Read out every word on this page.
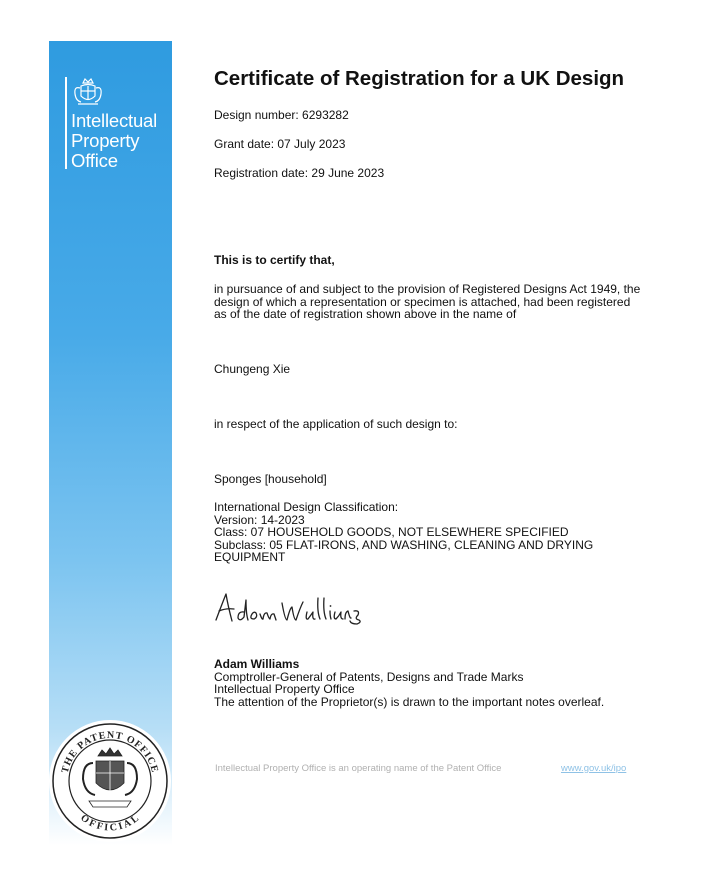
Intellectual
Property
Office
THE PATENT OFFICE
OFFICIAL
Certificate of Registration for a UK Design
Design number: 6293282
Grant date: 07 July 2023
Registration date: 29 June 2023
This is to certify that,
in pursuance of and subject to the provision of Registered Designs Act 1949, the
design of which a representation or specimen is attached, had been registered
as of the date of registration shown above in the name of
Chungeng Xie
in respect of the application of such design to:
Sponges [household]
International Design Classification:
Version: 14-2023
Class: 07 HOUSEHOLD GOODS, NOT ELSEWHERE SPECIFIED
Subclass: 05 FLAT-IRONS, AND WASHING, CLEANING AND DRYING
EQUIPMENT
Adam Williams
Comptroller-General of Patents, Designs and Trade Marks
Intellectual Property Office
The attention of the Proprietor(s) is drawn to the important notes overleaf.
Intellectual Property Office is an operating name of the Patent Office	www.gov.uk/ipo
